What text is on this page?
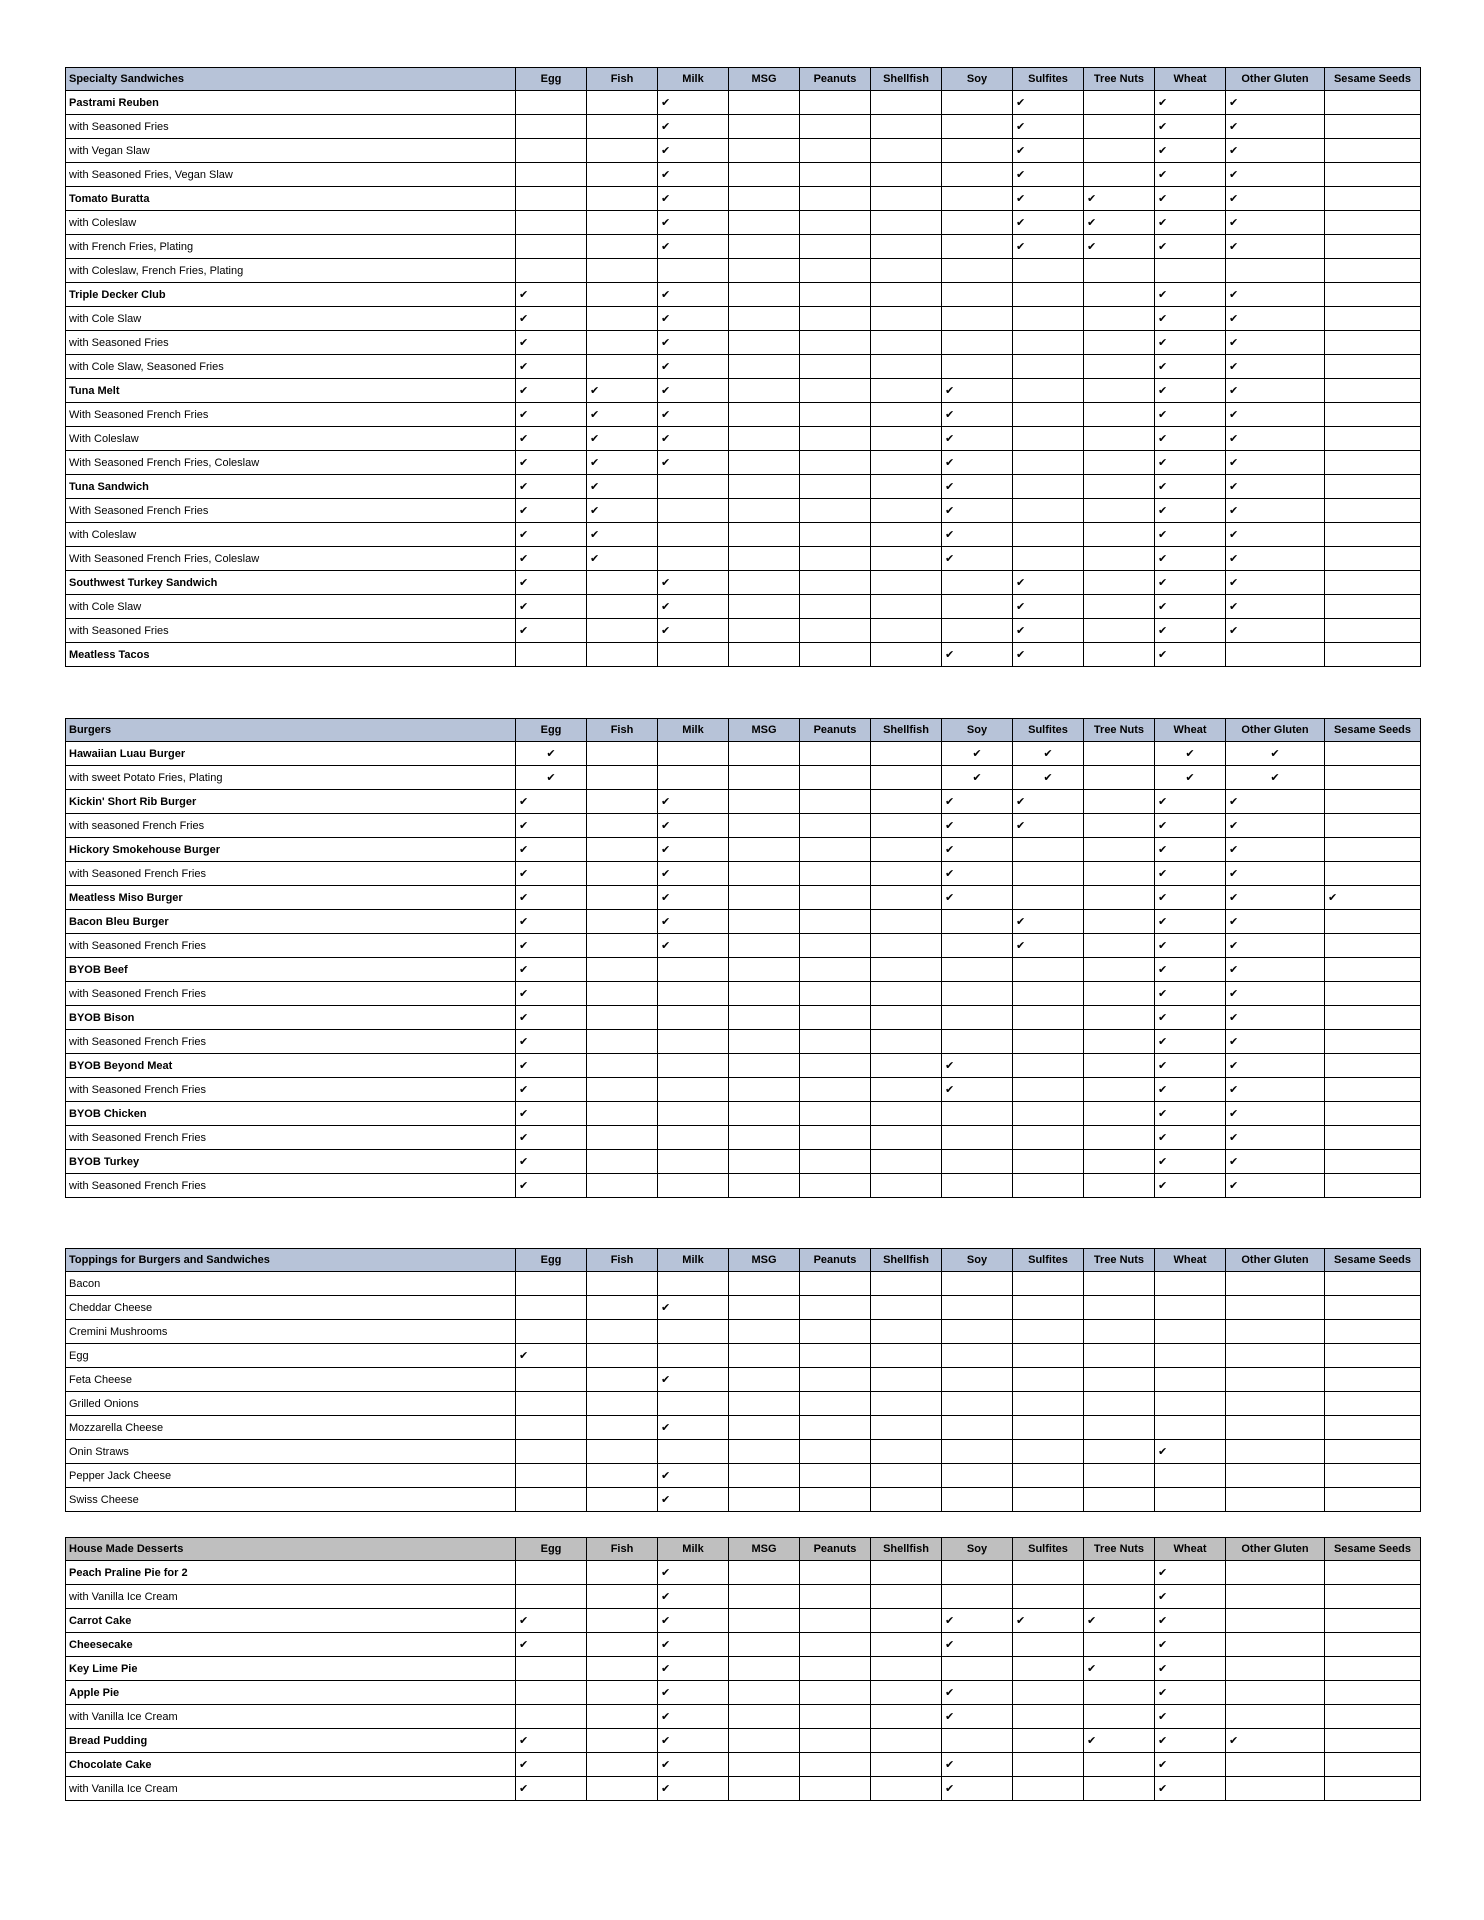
Specialty Sandwiches	Egg	Fish	Milk	MSG	Peanuts	Shellfish	Soy	Sulfites	Tree Nuts	Wheat	Other Gluten	Sesame Seeds
Pastrami Reuben			✔					✔		✔	✔	
with Seasoned Fries			✔					✔		✔	✔	
with Vegan Slaw			✔					✔		✔	✔	
with Seasoned Fries, Vegan Slaw			✔					✔		✔	✔	
Tomato Buratta			✔					✔	✔	✔	✔	
with Coleslaw			✔					✔	✔	✔	✔	
with French Fries, Plating			✔					✔	✔	✔	✔	
with Coleslaw, French Fries, Plating												
Triple Decker Club	✔		✔							✔	✔	
with Cole Slaw	✔		✔							✔	✔	
with Seasoned Fries	✔		✔							✔	✔	
with Cole Slaw, Seasoned Fries	✔		✔							✔	✔	
Tuna Melt	✔	✔	✔				✔			✔	✔	
With Seasoned French Fries	✔	✔	✔				✔			✔	✔	
With Coleslaw	✔	✔	✔				✔			✔	✔	
With Seasoned French Fries, Coleslaw	✔	✔	✔				✔			✔	✔	
Tuna Sandwich	✔	✔					✔			✔	✔	
With Seasoned French Fries	✔	✔					✔			✔	✔	
with Coleslaw	✔	✔					✔			✔	✔	
With Seasoned French Fries, Coleslaw	✔	✔					✔			✔	✔	
Southwest Turkey Sandwich	✔		✔					✔		✔	✔	
with Cole Slaw	✔		✔					✔		✔	✔	
with Seasoned Fries	✔		✔					✔		✔	✔	
Meatless Tacos							✔	✔		✔		
Burgers	Egg	Fish	Milk	MSG	Peanuts	Shellfish	Soy	Sulfites	Tree Nuts	Wheat	Other Gluten	Sesame Seeds
Hawaiian Luau Burger	✔						✔	✔		✔	✔	
with sweet Potato Fries, Plating	✔						✔	✔		✔	✔	
Kickin' Short Rib Burger	✔		✔				✔	✔		✔	✔	
with seasoned French Fries	✔		✔				✔	✔		✔	✔	
Hickory Smokehouse Burger	✔		✔				✔			✔	✔	
with Seasoned French Fries	✔		✔				✔			✔	✔	
Meatless Miso Burger	✔		✔				✔			✔	✔	✔
Bacon Bleu Burger	✔		✔					✔		✔	✔	
with Seasoned French Fries	✔		✔					✔		✔	✔	
BYOB Beef	✔									✔	✔	
with Seasoned French Fries	✔									✔	✔	
BYOB Bison	✔									✔	✔	
with Seasoned French Fries	✔									✔	✔	
BYOB Beyond Meat	✔						✔			✔	✔	
with Seasoned French Fries	✔						✔			✔	✔	
BYOB Chicken	✔									✔	✔	
with Seasoned French Fries	✔									✔	✔	
BYOB Turkey	✔									✔	✔	
with Seasoned French Fries	✔									✔	✔	
Toppings for Burgers and Sandwiches	Egg	Fish	Milk	MSG	Peanuts	Shellfish	Soy	Sulfites	Tree Nuts	Wheat	Other Gluten	Sesame Seeds
Bacon												
Cheddar Cheese			✔									
Cremini Mushrooms												
Egg	✔											
Feta Cheese			✔									
Grilled Onions												
Mozzarella Cheese			✔									
Onin Straws										✔		
Pepper Jack Cheese			✔									
Swiss Cheese			✔									
House Made Desserts	Egg	Fish	Milk	MSG	Peanuts	Shellfish	Soy	Sulfites	Tree Nuts	Wheat	Other Gluten	Sesame Seeds
Peach Praline Pie for 2			✔							✔		
with Vanilla Ice Cream			✔							✔		
Carrot Cake	✔		✔				✔	✔	✔	✔		
Cheesecake	✔		✔				✔			✔		
Key Lime Pie			✔						✔	✔		
Apple Pie			✔				✔			✔		
with Vanilla Ice Cream			✔				✔			✔		
Bread Pudding	✔		✔						✔	✔	✔	
Chocolate Cake	✔		✔				✔			✔		
with Vanilla Ice Cream	✔		✔				✔			✔		
